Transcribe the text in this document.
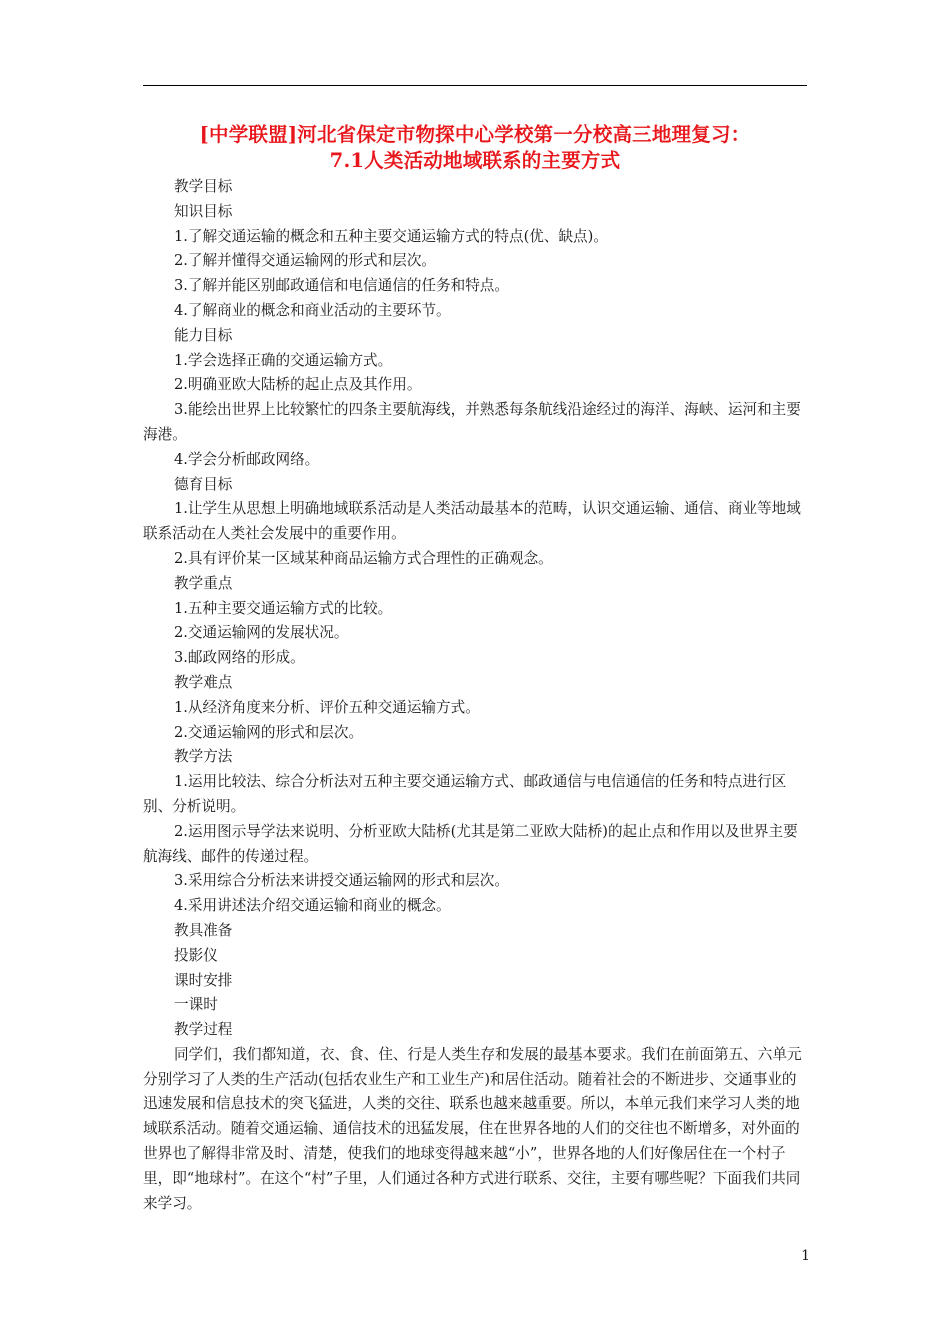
[中学联盟]河北省保定市物探中心学校第一分校高三地理复习：
7.1人类活动地域联系的主要方式

教学目标

知识目标

1.了解交通运输的概念和五种主要交通运输方式的特点(优、缺点)。

2.了解并懂得交通运输网的形式和层次。

3.了解并能区别邮政通信和电信通信的任务和特点。

4.了解商业的概念和商业活动的主要环节。

能力目标

1.学会选择正确的交通运输方式。

2.明确亚欧大陆桥的起止点及其作用。

3.能绘出世界上比较繁忙的四条主要航海线，并熟悉每条航线沿途经过的海洋、海峡、运河和主要海港。

4.学会分析邮政网络。

德育目标

1.让学生从思想上明确地域联系活动是人类活动最基本的范畴，认识交通运输、通信、商业等地域联系活动在人类社会发展中的重要作用。

2.具有评价某一区域某种商品运输方式合理性的正确观念。

教学重点

1.五种主要交通运输方式的比较。

2.交通运输网的发展状况。

3.邮政网络的形成。

教学难点

1.从经济角度来分析、评价五种交通运输方式。

2.交通运输网的形式和层次。

教学方法

1.运用比较法、综合分析法对五种主要交通运输方式、邮政通信与电信通信的任务和特点进行区别、分析说明。

2.运用图示导学法来说明、分析亚欧大陆桥(尤其是第二亚欧大陆桥)的起止点和作用以及世界主要航海线、邮件的传递过程。

3.采用综合分析法来讲授交通运输网的形式和层次。

4.采用讲述法介绍交通运输和商业的概念。

教具准备

投影仪

课时安排

一课时

教学过程

同学们，我们都知道，衣、食、住、行是人类生存和发展的最基本要求。我们在前面第五、六单元分别学习了人类的生产活动(包括农业生产和工业生产)和居住活动。随着社会的不断进步、交通事业的迅速发展和信息技术的突飞猛进，人类的交往、联系也越来越重要。所以，本单元我们来学习人类的地域联系活动。随着交通运输、通信技术的迅猛发展，住在世界各地的人们的交往也不断增多，对外面的世界也了解得非常及时、清楚，使我们的地球变得越来越“小”，世界各地的人们好像居住在一个村子里，即“地球村”。在这个“村”子里，人们通过各种方式进行联系、交往，主要有哪些呢？下面我们共同来学习。

1
